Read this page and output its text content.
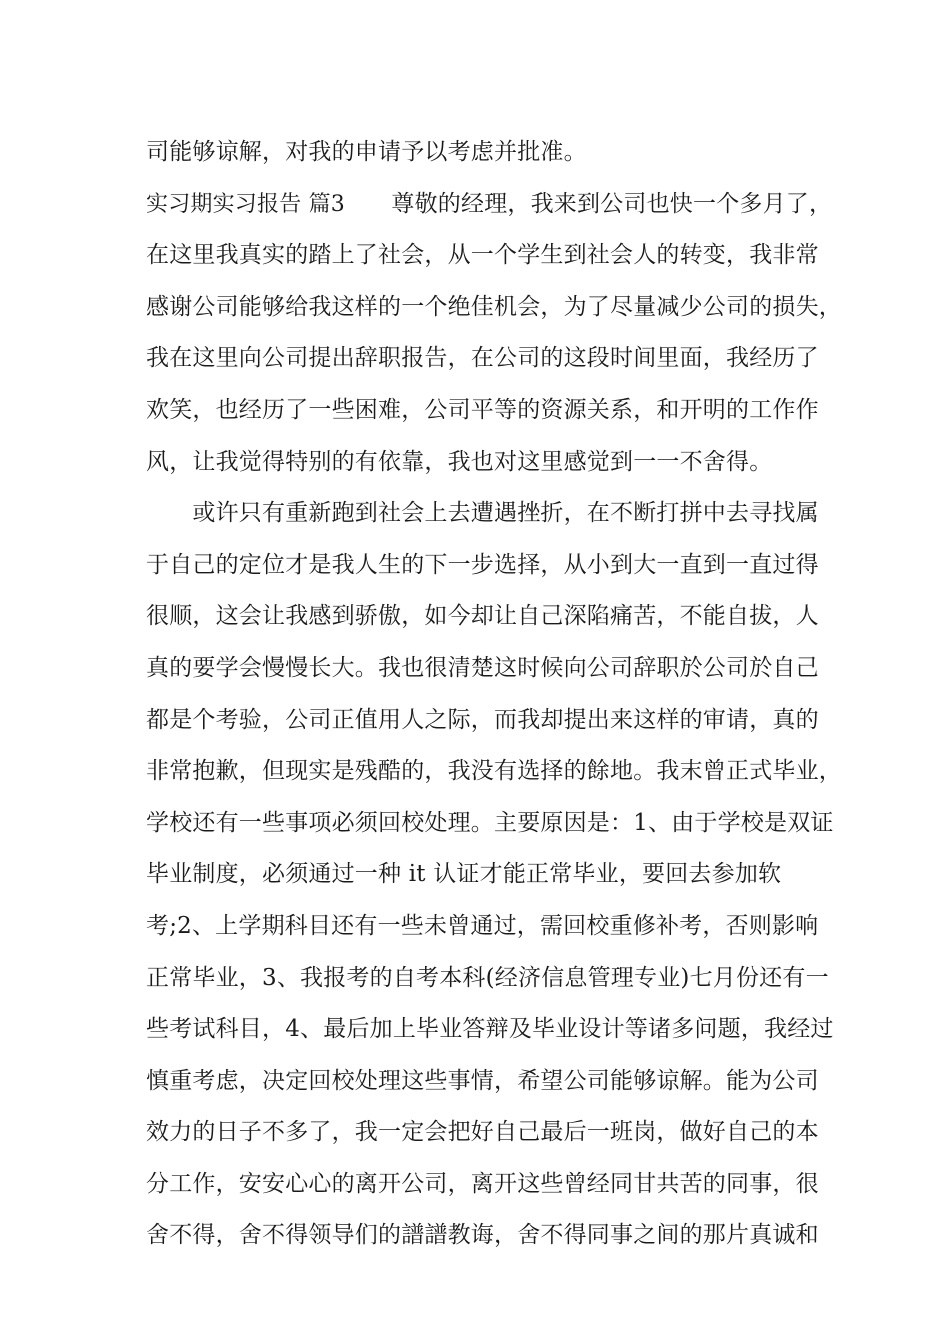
司能够谅解，对我的申请予以考虑并批准。
实习期实习报告 篇3　　 尊敬的经理，我来到公司也快一个多月了，
在这里我真实的踏上了社会，从一个学生到社会人的转变，我非常
感谢公司能够给我这样的一个绝佳机会，为了尽量减少公司的损失，
我在这里向公司提出辞职报告，在公司的这段时间里面，我经历了
欢笑，也经历了一些困难，公司平等的资源关系，和开明的工作作
风，让我觉得特别的有依靠，我也对这里感觉到一一不舍得。
　　或许只有重新跑到社会上去遭遇挫折，在不断打拼中去寻找属
于自己的定位才是我人生的下一步选择，从小到大一直到一直过得
很顺，这会让我感到骄傲，如今却让自己深陷痛苦，不能自拔，人
真的要学会慢慢长大。我也很清楚这时候向公司辞职於公司於自己
都是个考验，公司正值用人之际，而我却提出来这样的审请，真的
非常抱歉，但现实是残酷的，我没有选择的餘地。我末曾正式毕业，
学校还有一些事项必须回校处理。主要原因是：1、由于学校是双证
毕业制度，必须通过一种 it 认证才能正常毕业，要回去参加软
考;2、上学期科目还有一些未曾通过，需回校重修补考，否则影响
正常毕业，3、我报考的自考本科(经济信息管理专业)七月份还有一
些考试科目，4、最后加上毕业答辩及毕业设计等诸多问题，我经过
慎重考虑，决定回校处理这些事情，希望公司能够谅解。能为公司
效力的日子不多了，我一定会把好自己最后一班岗，做好自己的本
分工作，安安心心的离开公司，离开这些曾经同甘共苦的同事，很
舍不得，舍不得领导们的譜譜教诲，舍不得同事之间的那片真诚和
